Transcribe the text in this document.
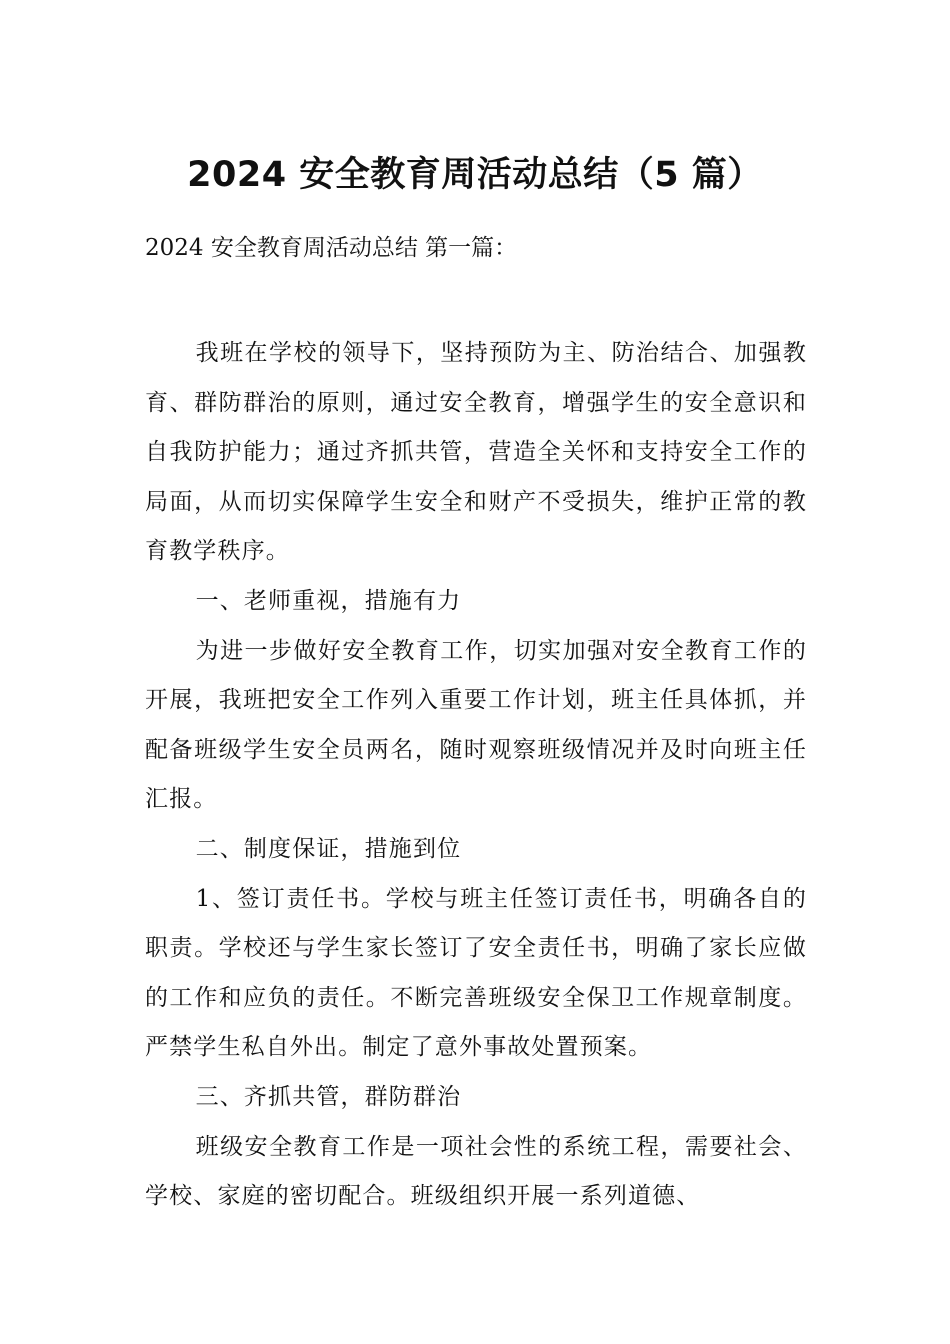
2024 安全教育周活动总结（5 篇）
2024 安全教育周活动总结 第一篇：

我班在学校的领导下，坚持预防为主、防治结合、加强教育、群防群治的原则，通过安全教育，增强学生的安全意识和自我防护能力；通过齐抓共管，营造全关怀和支持安全工作的局面，从而切实保障学生安全和财产不受损失，维护正常的教育教学秩序。

一、老师重视，措施有力

为进一步做好安全教育工作，切实加强对安全教育工作的开展，我班把安全工作列入重要工作计划，班主任具体抓，并配备班级学生安全员两名，随时观察班级情况并及时向班主任汇报。

二、制度保证，措施到位

1、签订责任书。学校与班主任签订责任书，明确各自的职责。学校还与学生家长签订了安全责任书，明确了家长应做的工作和应负的责任。不断完善班级安全保卫工作规章制度。严禁学生私自外出。制定了意外事故处置预案。

三、齐抓共管，群防群治

班级安全教育工作是一项社会性的系统工程，需要社会、学校、家庭的密切配合。班级组织开展一系列道德、
